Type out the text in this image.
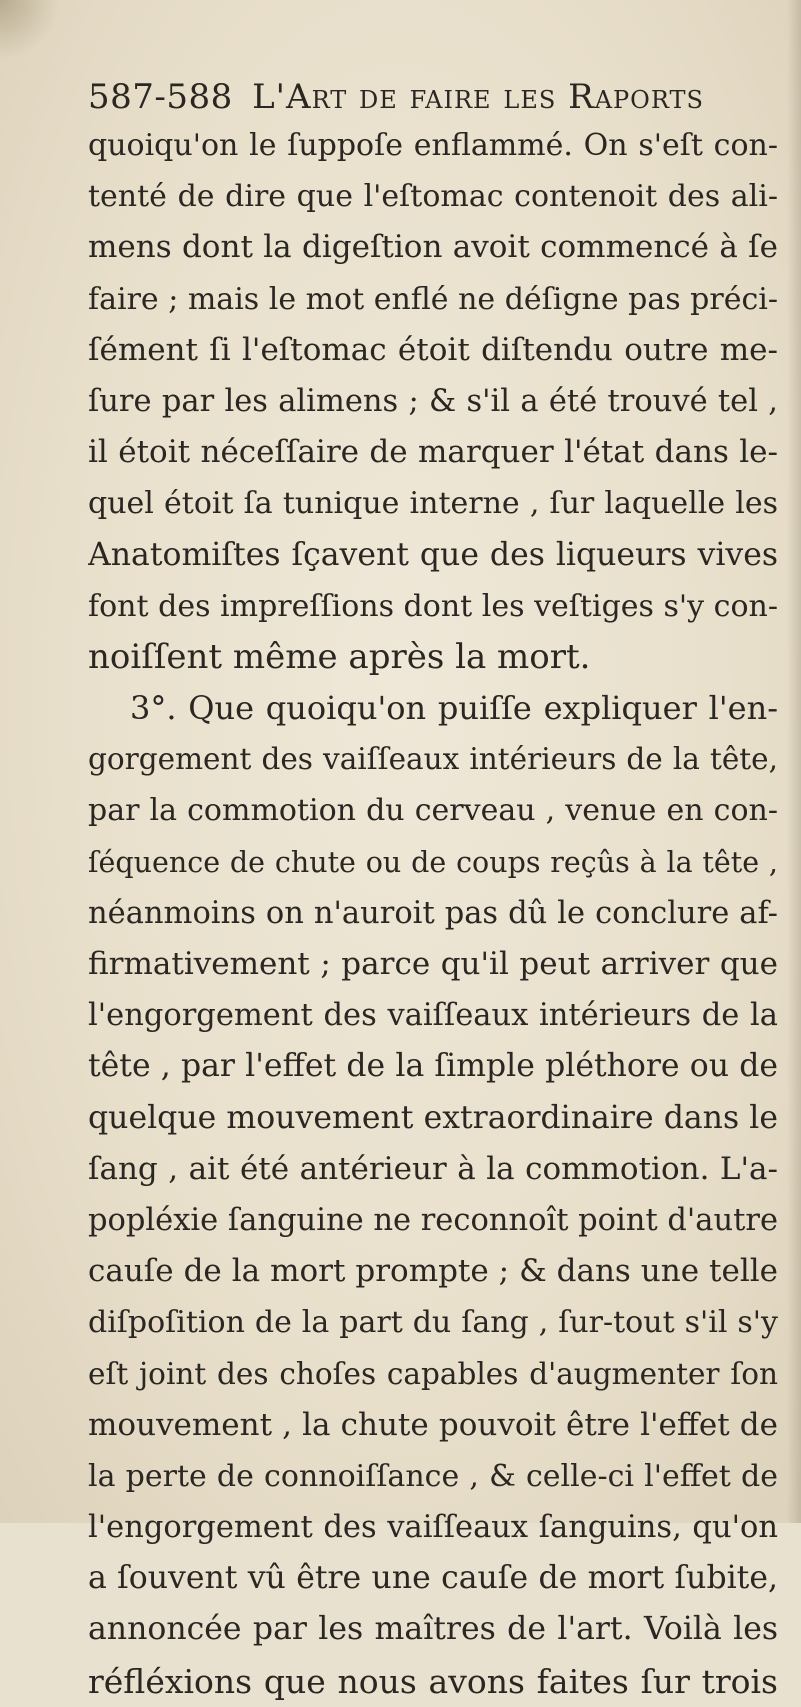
587-588 L'Art de faire les Raports
quoiqu'on le ſuppoſe enflammé. On s'eſt con-
tenté de dire que l'eſtomac contenoit des ali-
mens dont la digeſtion avoit commencé à ſe
faire ; mais le mot enflé ne déſigne pas préci-
ſément ſi l'eſtomac étoit diſtendu outre me-
ſure par les alimens ; & s'il a été trouvé tel ,
il étoit néceſſaire de marquer l'état dans le-
quel étoit ſa tunique interne , ſur laquelle les
Anatomiſtes ſçavent que des liqueurs vives
font des impreſſions dont les veſtiges s'y con-
noiſſent même après la mort.
3°. Que quoiqu'on puiſſe expliquer l'en-
gorgement des vaiſſeaux intérieurs de la tête,
par la commotion du cerveau , venue en con-
ſéquence de chute ou de coups reçûs à la tête ,
néanmoins on n'auroit pas dû le conclure af-
firmativement ; parce qu'il peut arriver que
l'engorgement des vaiſſeaux intérieurs de la
tête , par l'effet de la ſimple pléthore ou de
quelque mouvement extraordinaire dans le
ſang , ait été antérieur à la commotion. L'a-
popléxie ſanguine ne reconnoît point d'autre
cauſe de la mort prompte ; & dans une telle
diſpoſition de la part du ſang , ſur-tout s'il s'y
eſt joint des choſes capables d'augmenter ſon
mouvement , la chute pouvoit être l'effet de
la perte de connoiſſance , & celle-ci l'effet de
l'engorgement des vaiſſeaux ſanguins, qu'on
a ſouvent vû être une cauſe de mort ſubite,
annoncée par les maîtres de l'art. Voilà les
réfléxions que nous avons faites ſur trois
